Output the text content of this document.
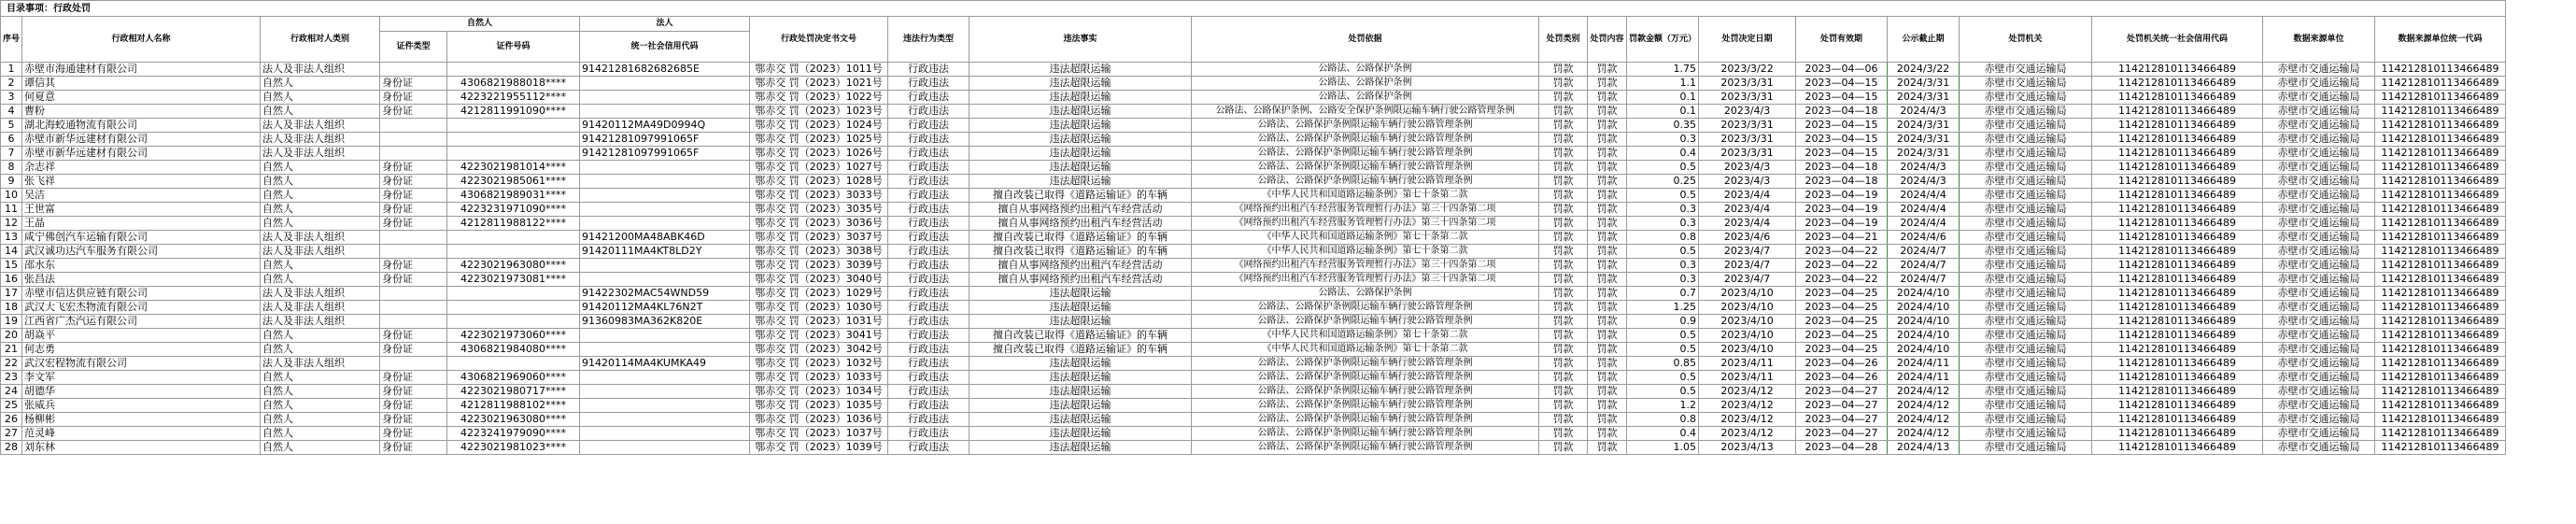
目录事项：行政处罚																			
序号	行政相对人名称	行政相对人类别	自然人		法人	行政处罚决定书文号	违法行为类型	违法事实	处罚依据	处罚类别	处罚内容	罚款金额（万元）	处罚决定日期	处罚有效期	公示截止期	处罚机关	处罚机关统一社会信用代码	数据来源单位	数据来源单位统一代码
			证件类型	证件号码	统一社会信用代码														
1	赤壁市海通建材有限公司	法人及非法人组织			91421281682682685E	鄂赤交 罚（2023）1011号	行政违法	违法超限运输	公路法、公路保护条例	罚款	罚款	1.75	2023/3/22	2023—04—06	2024/3/22	赤壁市交通运输局	114212810113466489	赤壁市交通运输局	114212810113466489
2	谭信其	自然人	身份证	4306821988018****		鄂赤交 罚（2023）1021号	行政违法	违法超限运输	公路法、公路保护条例	罚款	罚款	1.1	2023/3/31	2023—04—15	2024/3/31	赤壁市交通运输局	114212810113466489	赤壁市交通运输局	114212810113466489
3	何夏意	自然人	身份证	4223221955112****		鄂赤交 罚（2023）1022号	行政违法	违法超限运输	公路法、公路保护条例	罚款	罚款	0.1	2023/3/31	2023—04—15	2024/3/31	赤壁市交通运输局	114212810113466489	赤壁市交通运输局	114212810113466489
4	曹粉	自然人	身份证	4212811991090****		鄂赤交 罚（2023）1023号	行政违法	违法超限运输	公路法、公路保护条例、公路安全保护条例限运输车辆行驶公路管理条例	罚款	罚款	0.1	2023/4/3	2023—04—18	2024/4/3	赤壁市交通运输局	114212810113466489	赤壁市交通运输局	114212810113466489
5	湖北海蛟通物流有限公司	法人及非法人组织			91420112MA49D0994Q	鄂赤交 罚（2023）1024号	行政违法	违法超限运输	公路法、公路保护条例限运输车辆行驶公路管理条例	罚款	罚款	0.35	2023/3/31	2023—04—15	2024/3/31	赤壁市交通运输局	114212810113466489	赤壁市交通运输局	114212810113466489
6	赤壁市新华远建材有限公司	法人及非法人组织			91421281097991065F	鄂赤交 罚（2023）1025号	行政违法	违法超限运输	公路法、公路保护条例限运输车辆行驶公路管理条例	罚款	罚款	0.3	2023/3/31	2023—04—15	2024/3/31	赤壁市交通运输局	114212810113466489	赤壁市交通运输局	114212810113466489
7	赤壁市新华远建材有限公司	法人及非法人组织			91421281097991065F	鄂赤交 罚（2023）1026号	行政违法	违法超限运输	公路法、公路保护条例限运输车辆行驶公路管理条例	罚款	罚款	0.4	2023/3/31	2023—04—15	2024/3/31	赤壁市交通运输局	114212810113466489	赤壁市交通运输局	114212810113466489
8	余志祥	自然人	身份证	4223021981014****		鄂赤交 罚（2023）1027号	行政违法	违法超限运输	公路法、公路保护条例限运输车辆行驶公路管理条例	罚款	罚款	0.5	2023/4/3	2023—04—18	2024/4/3	赤壁市交通运输局	114212810113466489	赤壁市交通运输局	114212810113466489
9	张飞祥	自然人	身份证	4223021985061****		鄂赤交 罚（2023）1028号	行政违法	违法超限运输	公路法、公路保护条例限运输车辆行驶公路管理条例	罚款	罚款	0.25	2023/4/3	2023—04—18	2024/4/3	赤壁市交通运输局	114212810113466489	赤壁市交通运输局	114212810113466489
10	吴洁	自然人	身份证	4306821989031****		鄂赤交 罚（2023）3033号	行政违法	擅自改装已取得《道路运输证》的车辆	《中华人民共和国道路运输条例》第七十条第二款	罚款	罚款	0.5	2023/4/4	2023—04—19	2024/4/4	赤壁市交通运输局	114212810113466489	赤壁市交通运输局	114212810113466489
11	王世富	自然人	身份证	4223231971090****		鄂赤交 罚（2023）3035号	行政违法	擅自从事网络预约出租汽车经营活动	《网络预约出租汽车经营服务管理暂行办法》第三十四条第二项	罚款	罚款	0.3	2023/4/4	2023—04—19	2024/4/4	赤壁市交通运输局	114212810113466489	赤壁市交通运输局	114212810113466489
12	王晶	自然人	身份证	4212811988122****		鄂赤交 罚（2023）3036号	行政违法	擅自从事网络预约出租汽车经营活动	《网络预约出租汽车经营服务管理暂行办法》第三十四条第二项	罚款	罚款	0.3	2023/4/4	2023—04—19	2024/4/4	赤壁市交通运输局	114212810113466489	赤壁市交通运输局	114212810113466489
13	咸宁佛创汽车运输有限公司	法人及非法人组织			91421200MA48ABK46D	鄂赤交 罚（2023）3037号	行政违法	擅自改装已取得《道路运输证》的车辆	《中华人民共和国道路运输条例》第七十条第二款	罚款	罚款	0.8	2023/4/6	2023—04—21	2024/4/6	赤壁市交通运输局	114212810113466489	赤壁市交通运输局	114212810113466489
14	武汉诚功达汽车服务有限公司	法人及非法人组织			91420111MA4KT8LD2Y	鄂赤交 罚（2023）3038号	行政违法	擅自改装已取得《道路运输证》的车辆	《中华人民共和国道路运输条例》第七十条第二款	罚款	罚款	0.5	2023/4/7	2023—04—22	2024/4/7	赤壁市交通运输局	114212810113466489	赤壁市交通运输局	114212810113466489
15	邵水东	自然人	身份证	4223021963080****		鄂赤交 罚（2023）3039号	行政违法	擅自从事网络预约出租汽车经营活动	《网络预约出租汽车经营服务管理暂行办法》第三十四条第二项	罚款	罚款	0.3	2023/4/7	2023—04—22	2024/4/7	赤壁市交通运输局	114212810113466489	赤壁市交通运输局	114212810113466489
16	张昌法	自然人	身份证	4223021973081****		鄂赤交 罚（2023）3040号	行政违法	擅自从事网络预约出租汽车经营活动	《网络预约出租汽车经营服务管理暂行办法》第三十四条第二项	罚款	罚款	0.3	2023/4/7	2023—04—22	2024/4/7	赤壁市交通运输局	114212810113466489	赤壁市交通运输局	114212810113466489
17	赤壁市信达供应链有限公司	法人及非法人组织			91422302MAC54WND59	鄂赤交 罚（2023）1029号	行政违法	违法超限运输	公路法、公路保护条例	罚款	罚款	0.7	2023/4/10	2023—04—25	2024/4/10	赤壁市交通运输局	114212810113466489	赤壁市交通运输局	114212810113466489
18	武汉大飞宏杰物流有限公司	法人及非法人组织			91420112MA4KL76N2T	鄂赤交 罚（2023）1030号	行政违法	违法超限运输	公路法、公路保护条例限运输车辆行驶公路管理条例	罚款	罚款	1.25	2023/4/10	2023—04—25	2024/4/10	赤壁市交通运输局	114212810113466489	赤壁市交通运输局	114212810113466489
19	江西省广杰汽运有限公司	法人及非法人组织			91360983MA362K820E	鄂赤交 罚（2023）1031号	行政违法	违法超限运输	公路法、公路保护条例限运输车辆行驶公路管理条例	罚款	罚款	0.9	2023/4/10	2023—04—25	2024/4/10	赤壁市交通运输局	114212810113466489	赤壁市交通运输局	114212810113466489
20	胡焱平	自然人	身份证	4223021973060****		鄂赤交 罚（2023）3041号	行政违法	擅自改装已取得《道路运输证》的车辆	《中华人民共和国道路运输条例》第七十条第二款	罚款	罚款	0.5	2023/4/10	2023—04—25	2024/4/10	赤壁市交通运输局	114212810113466489	赤壁市交通运输局	114212810113466489
21	何志勇	自然人	身份证	4306821984080****		鄂赤交 罚（2023）3042号	行政违法	擅自改装已取得《道路运输证》的车辆	《中华人民共和国道路运输条例》第七十条第二款	罚款	罚款	0.5	2023/4/10	2023—04—25	2024/4/10	赤壁市交通运输局	114212810113466489	赤壁市交通运输局	114212810113466489
22	武汉宏程物流有限公司	法人及非法人组织			91420114MA4KUMKA49	鄂赤交 罚（2023）1032号	行政违法	违法超限运输	公路法、公路保护条例限运输车辆行驶公路管理条例	罚款	罚款	0.85	2023/4/11	2023—04—26	2024/4/11	赤壁市交通运输局	114212810113466489	赤壁市交通运输局	114212810113466489
23	李文军	自然人	身份证	4306821969060****		鄂赤交 罚（2023）1033号	行政违法	违法超限运输	公路法、公路保护条例限运输车辆行驶公路管理条例	罚款	罚款	0.5	2023/4/11	2023—04—26	2024/4/11	赤壁市交通运输局	114212810113466489	赤壁市交通运输局	114212810113466489
24	胡德华	自然人	身份证	4223021980717****		鄂赤交 罚（2023）1034号	行政违法	违法超限运输	公路法、公路保护条例限运输车辆行驶公路管理条例	罚款	罚款	0.5	2023/4/12	2023—04—27	2024/4/12	赤壁市交通运输局	114212810113466489	赤壁市交通运输局	114212810113466489
25	张威兵	自然人	身份证	4212811988102****		鄂赤交 罚（2023）1035号	行政违法	违法超限运输	公路法、公路保护条例限运输车辆行驶公路管理条例	罚款	罚款	1.2	2023/4/12	2023—04—27	2024/4/12	赤壁市交通运输局	114212810113466489	赤壁市交通运输局	114212810113466489
26	杨柳彬	自然人	身份证	4223021963080****		鄂赤交 罚（2023）1036号	行政违法	违法超限运输	公路法、公路保护条例限运输车辆行驶公路管理条例	罚款	罚款	0.8	2023/4/12	2023—04—27	2024/4/12	赤壁市交通运输局	114212810113466489	赤壁市交通运输局	114212810113466489
27	范灵峰	自然人	身份证	4223241979090****		鄂赤交 罚（2023）1037号	行政违法	违法超限运输	公路法、公路保护条例限运输车辆行驶公路管理条例	罚款	罚款	0.4	2023/4/12	2023—04—27	2024/4/12	赤壁市交通运输局	114212810113466489	赤壁市交通运输局	114212810113466489
28	刘东林	自然人	身份证	4223021981023****		鄂赤交 罚（2023）1039号	行政违法	违法超限运输	公路法、公路保护条例限运输车辆行驶公路管理条例	罚款	罚款	1.05	2023/4/13	2023—04—28	2024/4/13	赤壁市交通运输局	114212810113466489	赤壁市交通运输局	114212810113466489
